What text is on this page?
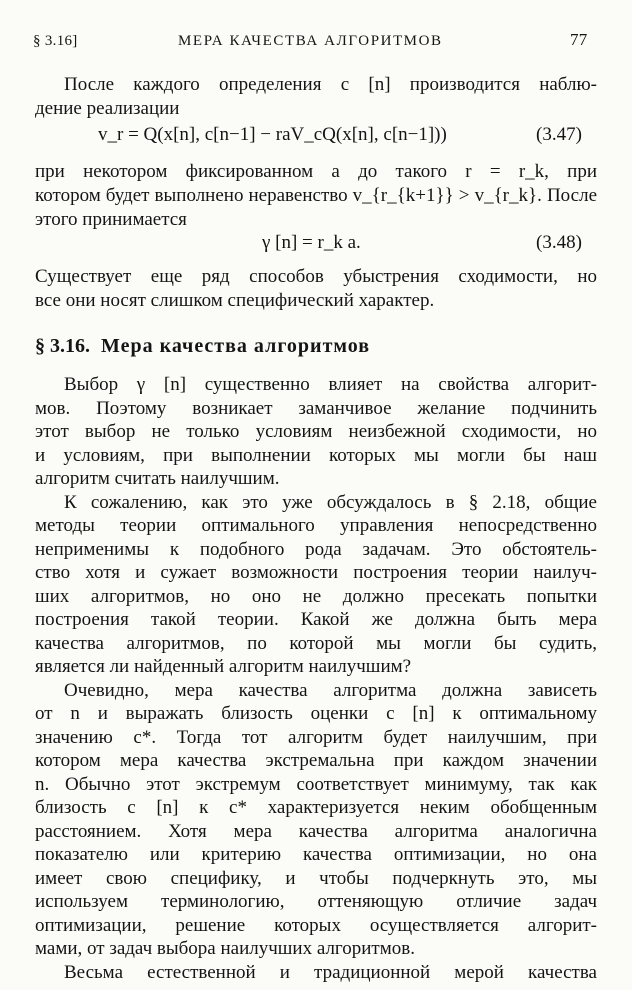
§ 3.16]	МЕРА КАЧЕСТВА АЛГОРИТМОВ	77
После каждого определения c [n] производится наблю-
дение реализации
v_r = Q(x[n], c[n−1] − raV_cQ(x[n], c[n−1]))	(3.47)
при некотором фиксированном a до такого r = r_k, при
котором будет выполнено неравенство v_{r_{k+1}} > v_{r_k}. После
этого принимается
γ [n] = r_k a.	(3.48)
Существует еще ряд способов убыстрения сходимости, но
все они носят слишком специфический характер.
§ 3.16. Мера качества алгоритмов
Выбор γ [n] существенно влияет на свойства алгорит-
мов. Поэтому возникает заманчивое желание подчинить
этот выбор не только условиям неизбежной сходимости, но
и условиям, при выполнении которых мы могли бы наш
алгоритм считать наилучшим.
К сожалению, как это уже обсуждалось в § 2.18, общие
методы теории оптимального управления непосредственно
неприменимы к подобного рода задачам. Это обстоятель-
ство хотя и сужает возможности построения теории наилуч-
ших алгоритмов, но оно не должно пресекать попытки
построения такой теории. Какой же должна быть мера
качества алгоритмов, по которой мы могли бы судить,
является ли найденный алгоритм наилучшим?
Очевидно, мера качества алгоритма должна зависеть
от n и выражать близость оценки c [n] к оптимальному
значению c*. Тогда тот алгоритм будет наилучшим, при
котором мера качества экстремальна при каждом значении
n. Обычно этот экстремум соответствует минимуму, так как
близость c [n] к c* характеризуется неким обобщенным
расстоянием. Хотя мера качества алгоритма аналогична
показателю или критерию качества оптимизации, но она
имеет свою специфику, и чтобы подчеркнуть это, мы
используем терминологию, оттеняющую отличие задач
оптимизации, решение которых осуществляется алгорит-
мами, от задач выбора наилучших алгоритмов.
Весьма естественной и традиционной мерой качества
